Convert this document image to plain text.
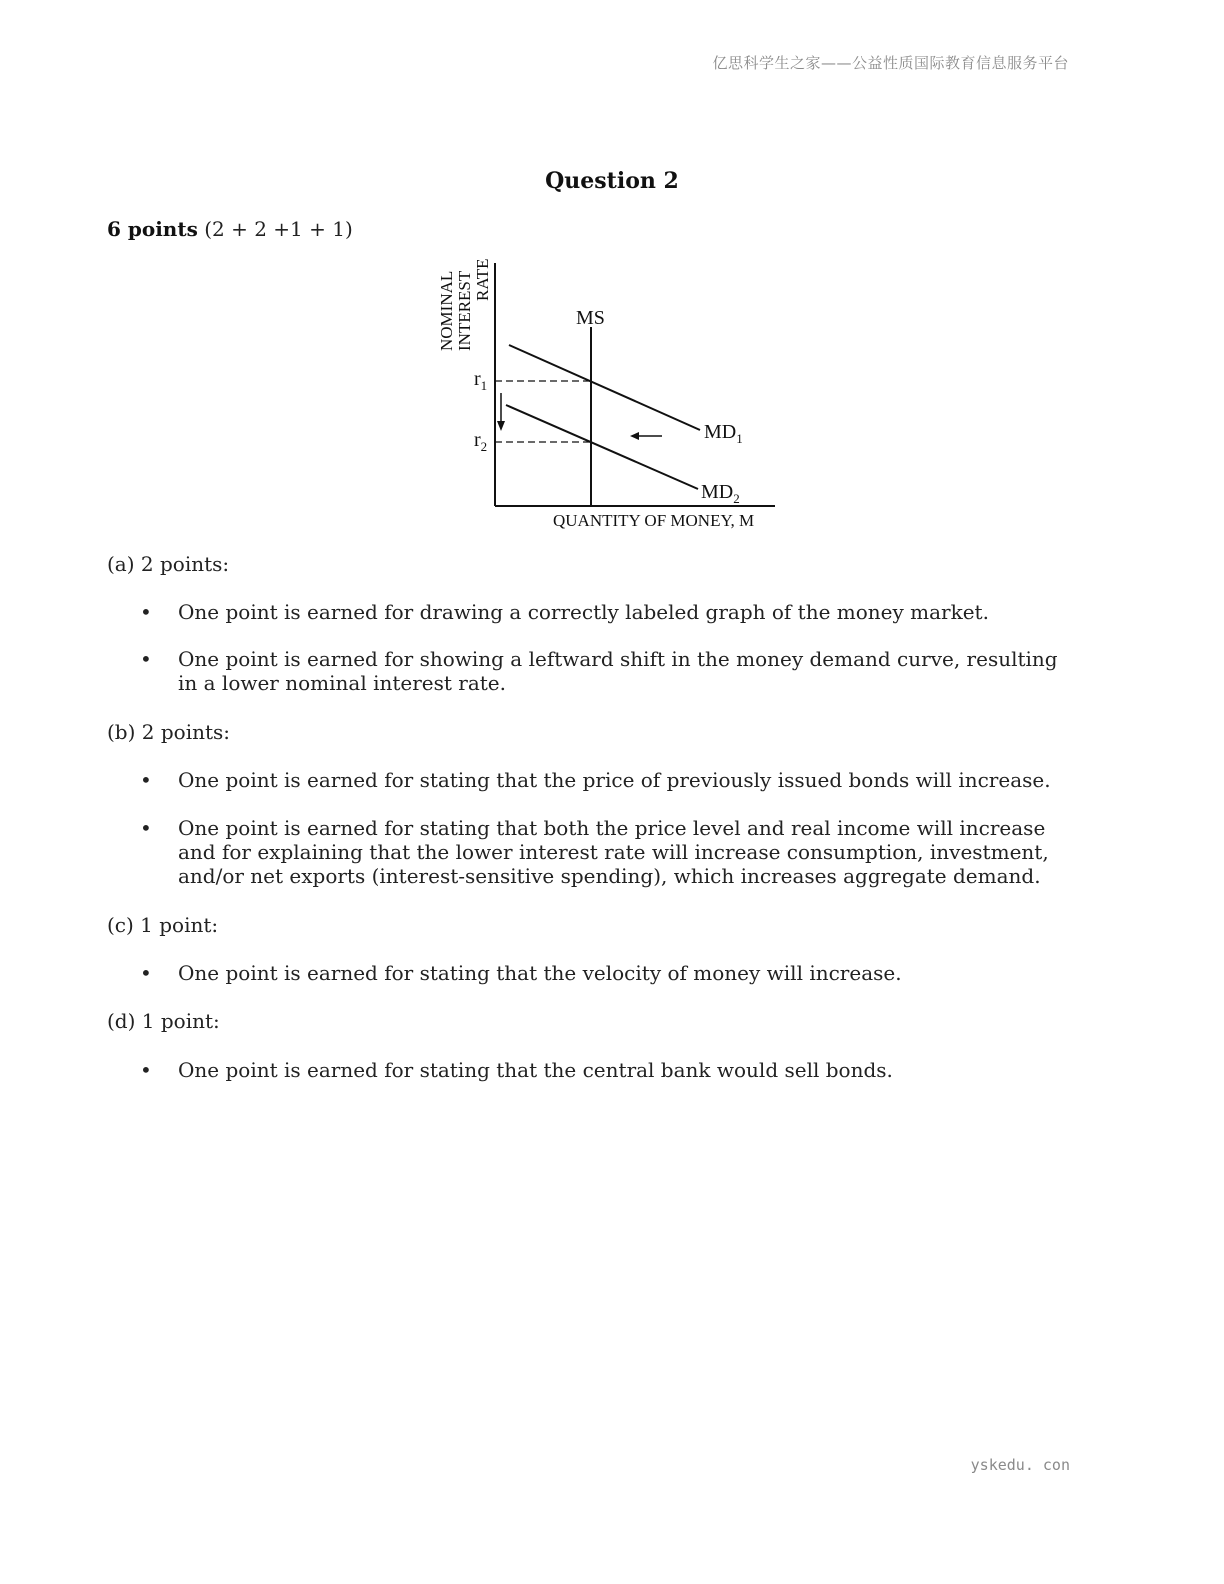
亿思科学生之家——公益性质国际教育信息服务平台
Question 2
6 points (2 + 2 +1 + 1)
NOMINAL INTEREST RATE
MS
$MD_1$
$MD_2$
$r_1$
$r_2$
QUANTITY OF MONEY, M
(a) 2 points:
• One point is earned for drawing a correctly labeled graph of the money market.
• One point is earned for showing a leftward shift in the money demand curve, resulting in a lower nominal interest rate.
(b) 2 points:
• One point is earned for stating that the price of previously issued bonds will increase.
• One point is earned for stating that both the price level and real income will increase and for explaining that the lower interest rate will increase consumption, investment, and/or net exports (interest-sensitive spending), which increases aggregate demand.
(c) 1 point:
• One point is earned for stating that the velocity of money will increase.
(d) 1 point:
• One point is earned for stating that the central bank would sell bonds.
yskedu. con
